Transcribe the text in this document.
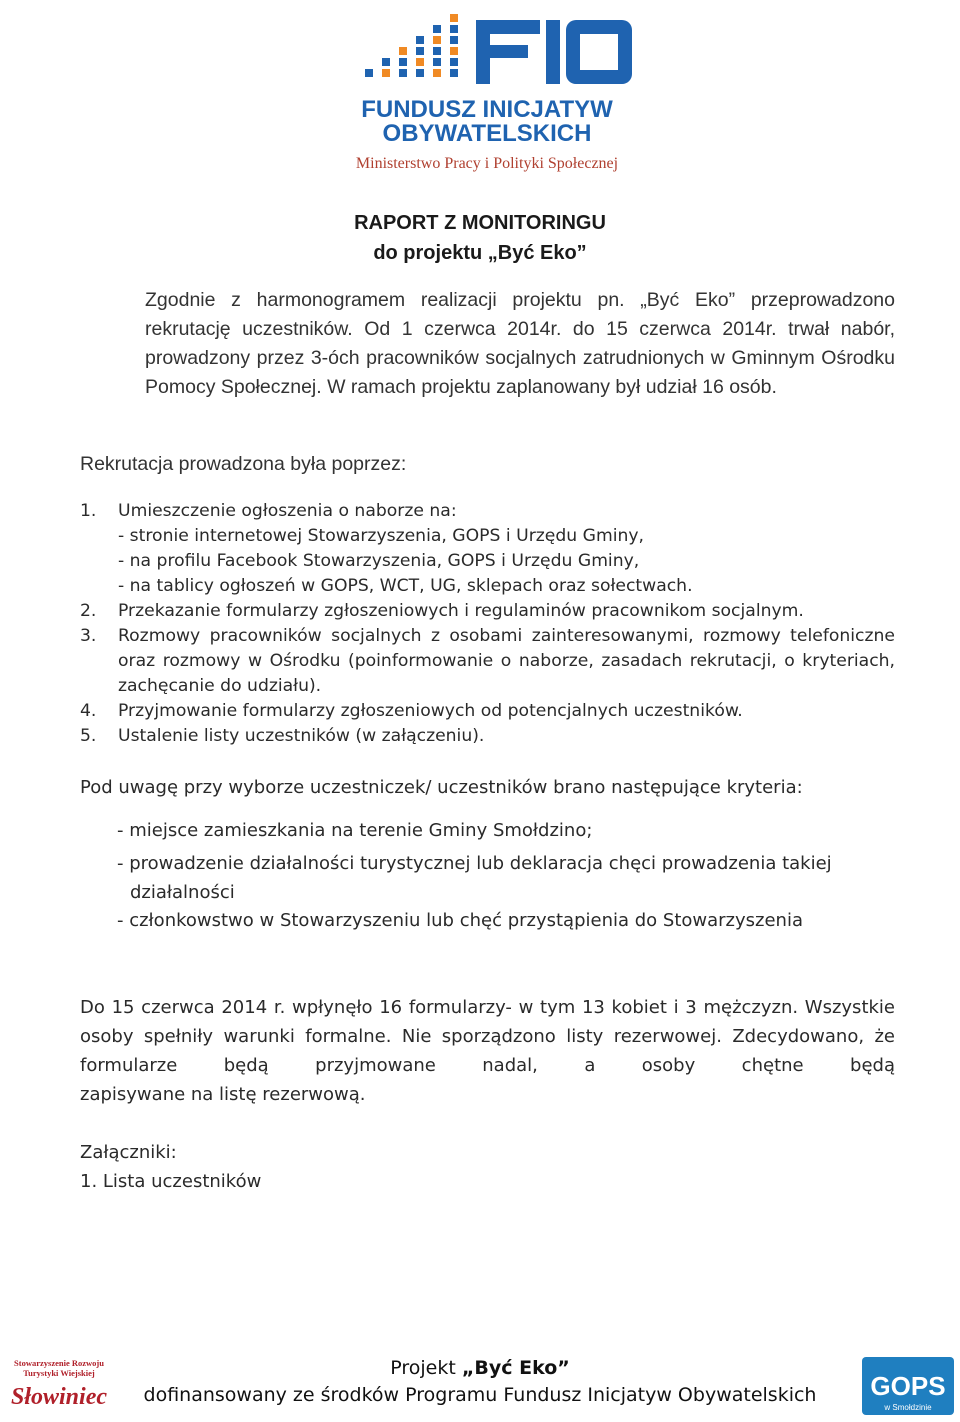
FUNDUSZ INICJATYW
OBYWATELSKICH
Ministerstwo Pracy i Polityki Społecznej
RAPORT Z MONITORINGU
do projektu „Być Eko”
Zgodnie z harmonogramem realizacji projektu pn. „Być Eko” przeprowadzono rekrutację uczestników. Od 1 czerwca 2014r. do 15 czerwca 2014r. trwał nabór, prowadzony przez 3-óch pracowników socjalnych zatrudnionych w Gminnym Ośrodku Pomocy Społecznej. W ramach projektu zaplanowany był udział 16 osób.
Rekrutacja prowadzona była poprzez:
1.	Umieszczenie ogłoszenia o naborze na:
- stronie internetowej Stowarzyszenia, GOPS i Urzędu Gminy,
- na profilu Facebook Stowarzyszenia, GOPS i Urzędu Gminy,
- na tablicy ogłoszeń w GOPS, WCT, UG, sklepach oraz sołectwach.
2.	Przekazanie formularzy zgłoszeniowych i regulaminów pracownikom socjalnym.
3.	Rozmowy pracowników socjalnych z osobami zainteresowanymi, rozmowy telefoniczne oraz rozmowy w Ośrodku (poinformowanie o naborze, zasadach rekrutacji, o kryteriach, zachęcanie do udziału).
4.	Przyjmowanie formularzy zgłoszeniowych od potencjalnych uczestników.
5.	Ustalenie listy uczestników (w załączeniu).
Pod uwagę przy wyborze uczestniczek/ uczestników brano następujące kryteria:
- miejsce zamieszkania na terenie Gminy Smołdzino;
- prowadzenie działalności turystycznej lub deklaracja chęci prowadzenia takiej
działalności
- członkowstwo w Stowarzyszeniu lub chęć przystąpienia do Stowarzyszenia
Do 15 czerwca 2014 r. wpłynęło 16 formularzy- w tym 13 kobiet i 3 mężczyzn. Wszystkie osoby spełniły warunki formalne. Nie sporządzono listy rezerwowej. Zdecydowano, że formularze będą przyjmowane nadal, a osoby chętne będą
zapisywane na listę rezerwową.
Załączniki:
1. Lista uczestników
Stowarzyszenie Rozwoju
Turystyki Wiejskiej
Słowiniec
Projekt „Być Eko”
dofinansowany ze środków Programu Fundusz Inicjatyw Obywatelskich	GOPS
w Smołdzinie
